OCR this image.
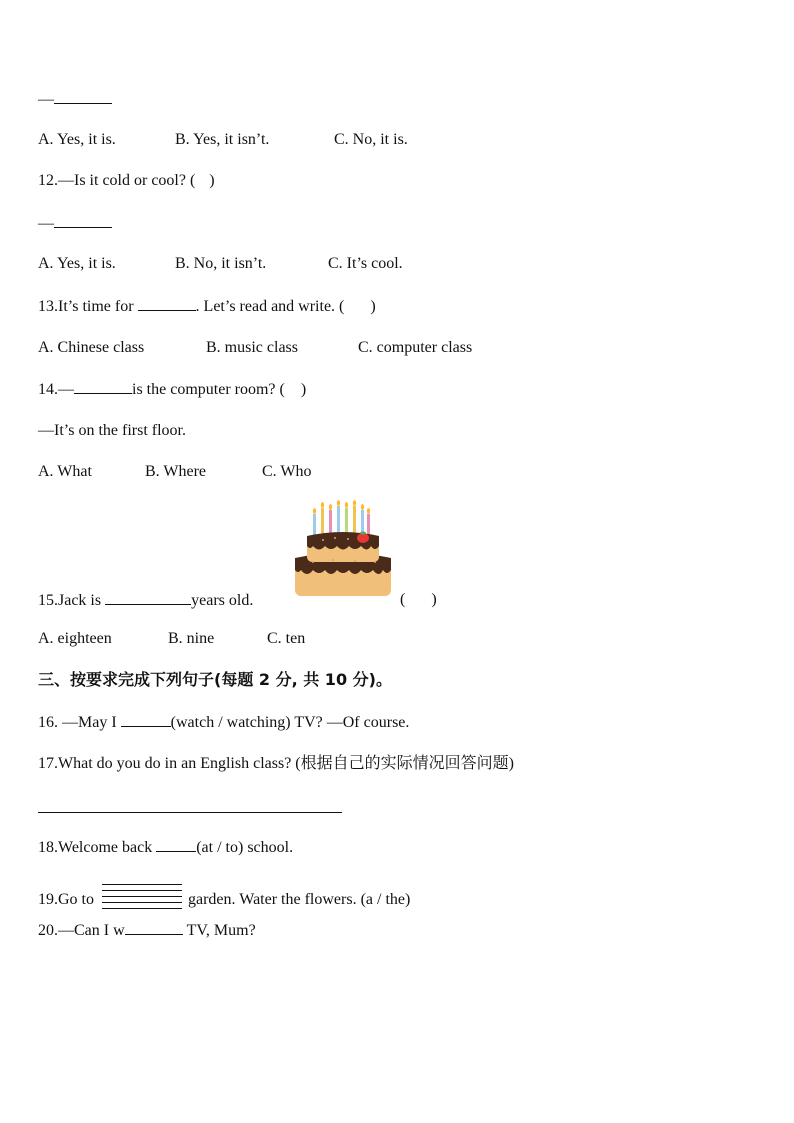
—
A. Yes, it is.	B. Yes, it isn’t.	C. No, it is.
12.—Is it cold or cool? ( )
—
A. Yes, it is.	B. No, it isn’t.	C. It’s cool.
13.It’s time for	. Let’s read and write. ( )
A. Chinese class	B. music class	C. computer class
14.—	is the computer room? ( )
—It’s on the first floor.
A. What	B. Where	C. Who
15.Jack is	years old.	( )
A. eighteen	B. nine	C. ten
三、按要求完成下列句子(每题 2 分, 共 10 分)。
16. —May I	(watch / watching) TV? —Of course.
17.What do you do in an English class? (根据自己的实际情况回答问题)
18.Welcome back	(at / to) school.
19.Go to	garden. Water the flowers. (a / the)
20.—Can I w	TV, Mum?
